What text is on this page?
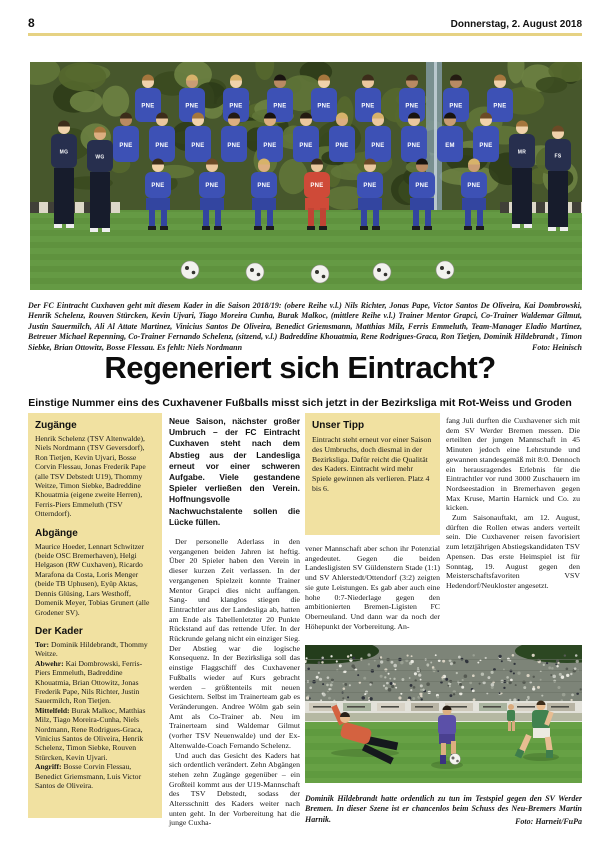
8	Donnerstag, 2. August 2018
PNE	PNE	PNE	PNE	PNE	PNE	PNE	PNE	PNE
PNE	PNE	PNE	PNE	PNE	PNE	PNE	PNE	PNE	EM	PNE
MG
WG
MR
FS
PNE	PNE	PNE	PNE	PNE	PNE	PNE

Der FC Eintracht Cuxhaven geht mit diesem Kader in die Saison 2018/19: (obere Reihe v.l.) Nils Richter, Jonas Pape, Victor Santos De Oliveira, Kai Dombrowski, Henrik Schelenz, Rouven Stürcken, Kevin Ujvari, Tiago Moreira Cunha, Burak Malkoc, (mittlere Reihe v.l.) Trainer Mentor Grapci, Co-Trainer Waldemar Gilmut, Justin Sauermilch, Ali Al Attate Martinez, Vinicius Santos De Oliveira, Benedict Griemsmann, Matthias Milz, Ferris Emmeluth, Team-Manager Eladio Martinez, Betreuer Michael Repenning, Co-Trainer Fernando Schelenz, (sitzend, v.l.) Badreddine Khouatmia, Rene Rodrigues-Graca, Ron Tietjen, Dominik Hildebrandt , Timon Siebke, Brian Ottowitz, Bosse Flessau. Es fehlt: Niels Nordmann	Foto: Heinisch

Regeneriert sich Eintracht?
Einstige Nummer eins des Cuxhavener Fußballs misst sich jetzt in der Bezirksliga mit Rot-Weiss und Groden
Zugänge

Henrik Schelenz (TSV Altenwalde), Niels Nordmann (TSV Geversdorf), Ron Tietjen, Kevin Ujvari, Bosse Corvin Flessau, Jonas Frederik Pape (alle TSV Debstedt U19), Thommy Weitze, Timon Siebke, Badreddine Khouatmia (eigene zweite Herren), Ferris-Piers Emmeluth (TSV Otterndorf).

Abgänge

Maurice Hoeder, Lennart Schwitzer (beide OSC Bremerhaven), Helgi Helgason (RW Cuxhaven), Ricardo Marafona da Costa, Loris Menger (beide TB Uphusen), Eyüp Aktas, Dennis Glüsing, Lars Westhoff, Domenik Meyer, Tobias Grunert (alle Grodener SV).

Der Kader

Tor: Dominik Hildebrandt, Thommy Weitze.

Abwehr: Kai Dombrowski, Ferris-Piers Emmeluth, Badreddine Khouatmia, Brian Ottowitz, Jonas Frederik Pape, Nils Richter, Justin Sauermilch, Ron Tietjen.

Mittelfeld: Burak Malkoc, Matthias Milz, Tiago Moreira-Cunha, Niels Nordmann, Rene Rodrigues-Graca, Vinicius Santos de Oliveira, Henrik Schelenz, Timon Siebke, Rouven Stürcken, Kevin Ujvari.

Angriff: Bosse Corvin Flessau, Benedict Griemsmann, Luis Victor Santos de Oliveira.

Neue Saison, nächster großer Umbruch – der FC Eintracht Cuxhaven steht nach dem Abstieg aus der Landesliga erneut vor einer schweren Aufgabe. Viele gestandene Spieler verließen den Verein. Hoffnungsvolle Nachwuchstalente sollen die Lücke füllen.

Der personelle Aderlass in den vergangenen beiden Jahren ist heftig. Über 20 Spieler haben den Verein in dieser kurzen Zeit verlassen. In der vergangenen Spielzeit konnte Trainer Mentor Grapci dies nicht auffangen. Sang- und klanglos stiegen die Eintrachtler aus der Landesliga ab, hatten am Ende als Tabellenletzter 20 Punkte Rückstand auf das rettende Ufer. In der Rückrunde gelang nicht ein einziger Sieg. Der Abstieg war die logische Konsequenz. In der Bezirksliga soll das einstige Flaggschiff des Cuxhavener Fußballs wieder auf Kurs gebracht werden – größtenteils mit neuen Gesichtern. Selbst im Trainerteam gab es Veränderungen. Andree Wölm gab sein Amt als Co-Trainer ab. Neu im Trainerteam sind Waldemar Gilmut (vorher TSV Neuenwalde) und der Ex-Altenwalde-Coach Fernando Schelenz.

Und auch das Gesicht des Kaders hat sich ordentlich verändert. Zehn Abgängen stehen zehn Zugänge gegenüber – ein Großteil kommt aus der U19-Mannschaft des TSV Debstedt, sodass der Altersschnitt des Kaders weiter nach unten geht. In der Vorbereitung hat die junge Cuxha-

Unser Tipp

Eintracht steht erneut vor einer Saison des Umbruchs, doch diesmal in der Bezirksliga. Dafür reicht die Qualität des Kaders. Eintracht wird mehr Spiele gewinnen als verlieren. Platz 4 bis 6.

vener Mannschaft aber schon ihr Potenzial angedeutet. Gegen die beiden Landesligisten SV Güldenstern Stade (1:1) und SV Ahlerstedt/Ottendorf (3:2) zeigten sie gute Leistungen. Es gab aber auch eine hohe 0:7-Niederlage gegen den ambitionierten Bremen-Ligisten FC Oberneuland. Und dann war da noch der Höhepunkt der Vorbereitung. An-

fang Juli durften die Cuxhavener sich mit dem SV Werder Bremen messen. Die erteilten der jungen Mannschaft in 45 Minuten jedoch eine Lehrstunde und gewannen standesgemäß mit 8:0. Dennoch ein herausragendes Erlebnis für die Eintrachtler vor rund 3000 Zuschauern im Nordseestadion in Bremerhaven gegen Max Kruse, Martin Harnick und Co. zu kicken.

Zum Saisonauftakt, am 12. August, dürften die Rollen etwas anders verteilt sein. Die Cuxhavener reisen favorisiert zum letztjährigen Abstiegskandidaten TSV Apensen. Das erste Heimspiel ist für Sonntag, 19. August gegen den Meisterschaftsfavoriten VSV Hedendorf/Neukloster angesetzt.

Dominik Hildebrandt hatte ordentlich zu tun im Testspiel gegen den SV Werder Bremen. In dieser Szene ist er chancenlos beim Schuss des Neu-Bremers Martin Harnik.	Foto: Harneit/FuPa
